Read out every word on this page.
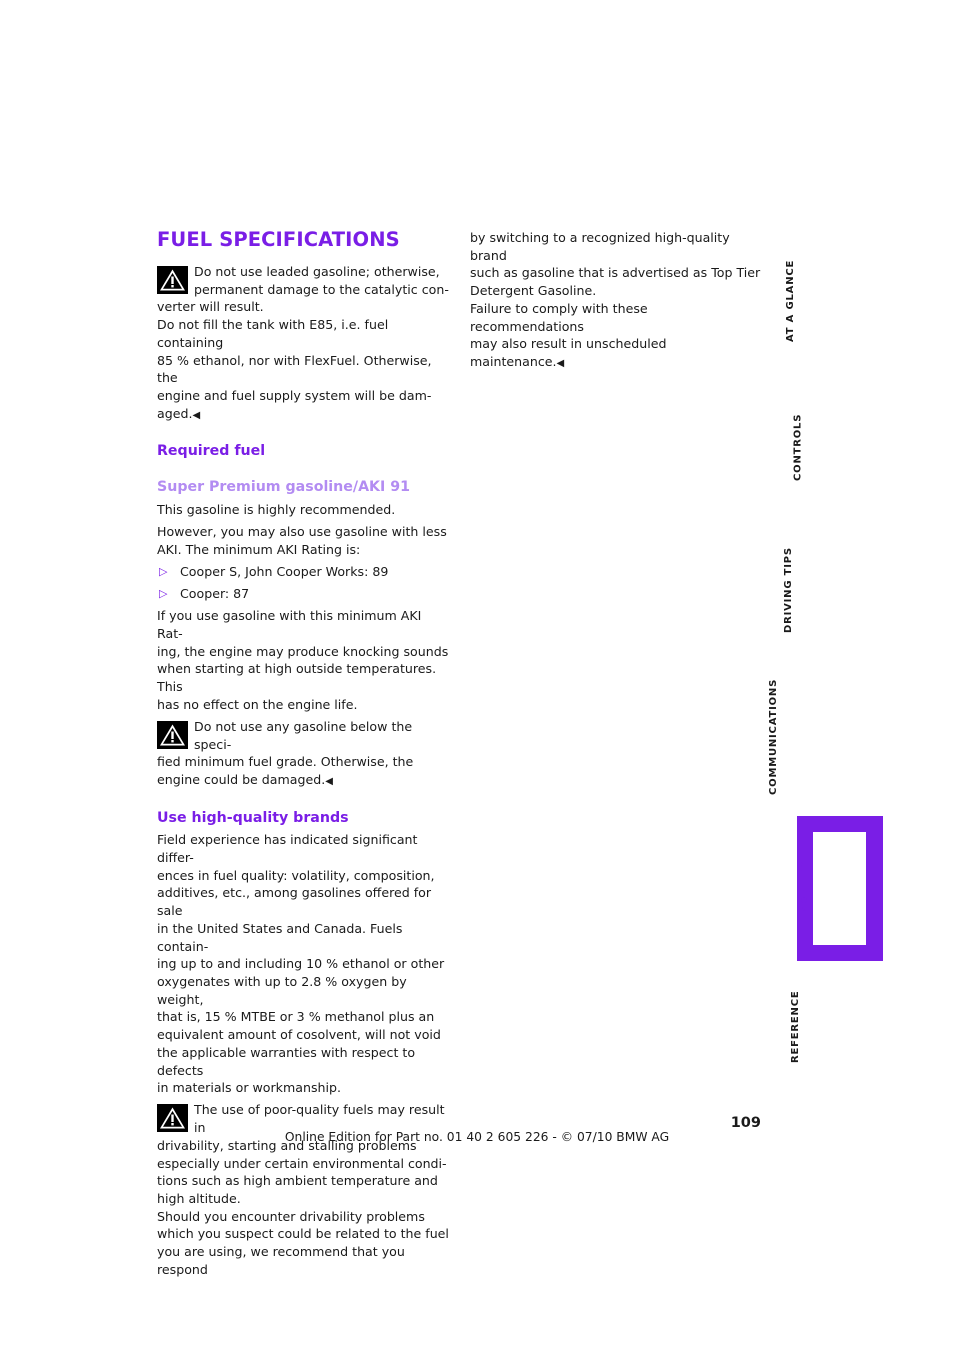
FUEL SPECIFICATIONS

Do not use leaded gasoline; otherwise,

permanent damage to the catalytic con-

verter will result.

Do not fill the tank with E85, i.e. fuel containing

85 % ethanol, nor with FlexFuel. Otherwise, the

engine and fuel supply system will be dam-

aged.◀

Required fuel
Super Premium gasoline/AKI 91

This gasoline is highly recommended.

However, you may also use gasoline with less

AKI. The minimum AKI Rating is:

▷ Cooper S, John Cooper Works: 89
▷ Cooper: 87

If you use gasoline with this minimum AKI Rat-

ing, the engine may produce knocking sounds

when starting at high outside temperatures. This

has no effect on the engine life.

Do not use any gasoline below the speci-

fied minimum fuel grade. Otherwise, the

engine could be damaged.◀

Use high-quality brands

Field experience has indicated significant differ-

ences in fuel quality: volatility, composition,

additives, etc., among gasolines offered for sale

in the United States and Canada. Fuels contain-

ing up to and including 10 % ethanol or other

oxygenates with up to 2.8 % oxygen by weight,

that is, 15 % MTBE or 3 % methanol plus an

equivalent amount of cosolvent, will not void

the applicable warranties with respect to defects

in materials or workmanship.

The use of poor-quality fuels may result in

drivability, starting and stalling problems

especially under certain environmental condi-

tions such as high ambient temperature and

high altitude.

Should you encounter drivability problems

which you suspect could be related to the fuel

you are using, we recommend that you respond

by switching to a recognized high-quality brand

such as gasoline that is advertised as Top Tier

Detergent Gasoline.

Failure to comply with these recommendations

may also result in unscheduled maintenance.◀

AT A GLANCE
CONTROLS
DRIVING TIPS
COMMUNICATIONS
MOBILITY
REFERENCE
109
Online Edition for Part no. 01 40 2 605 226 - © 07/10 BMW AG
